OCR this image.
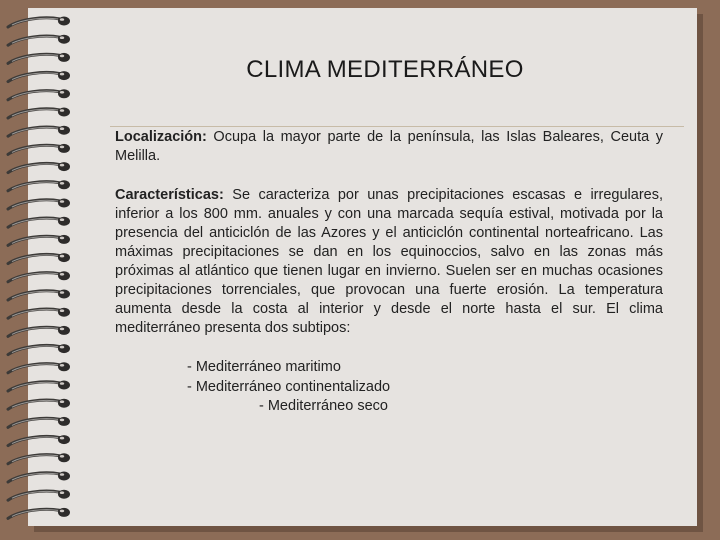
CLIMA MEDITERRÁNEO

Localización: Ocupa la mayor parte de la península, las Islas Baleares, Ceuta y Melilla.

Características: Se caracteriza por unas precipitaciones escasas e irregulares, inferior a los 800 mm. anuales y con una marcada sequía estival, motivada por la presencia del anticiclón de las Azores y el anticiclón continental norteafricano. Las máximas precipitaciones se dan en los equinoccios, salvo en las zonas más próximas al atlántico que tienen lugar en invierno. Suelen ser en muchas ocasiones precipitaciones torrenciales, que provocan una fuerte erosión. La temperatura aumenta desde la costa al interior y desde el norte hasta el sur. El clima mediterráneo presenta dos subtipos:

- Mediterráneo maritimo
- Mediterráneo continentalizado
- Mediterráneo seco
